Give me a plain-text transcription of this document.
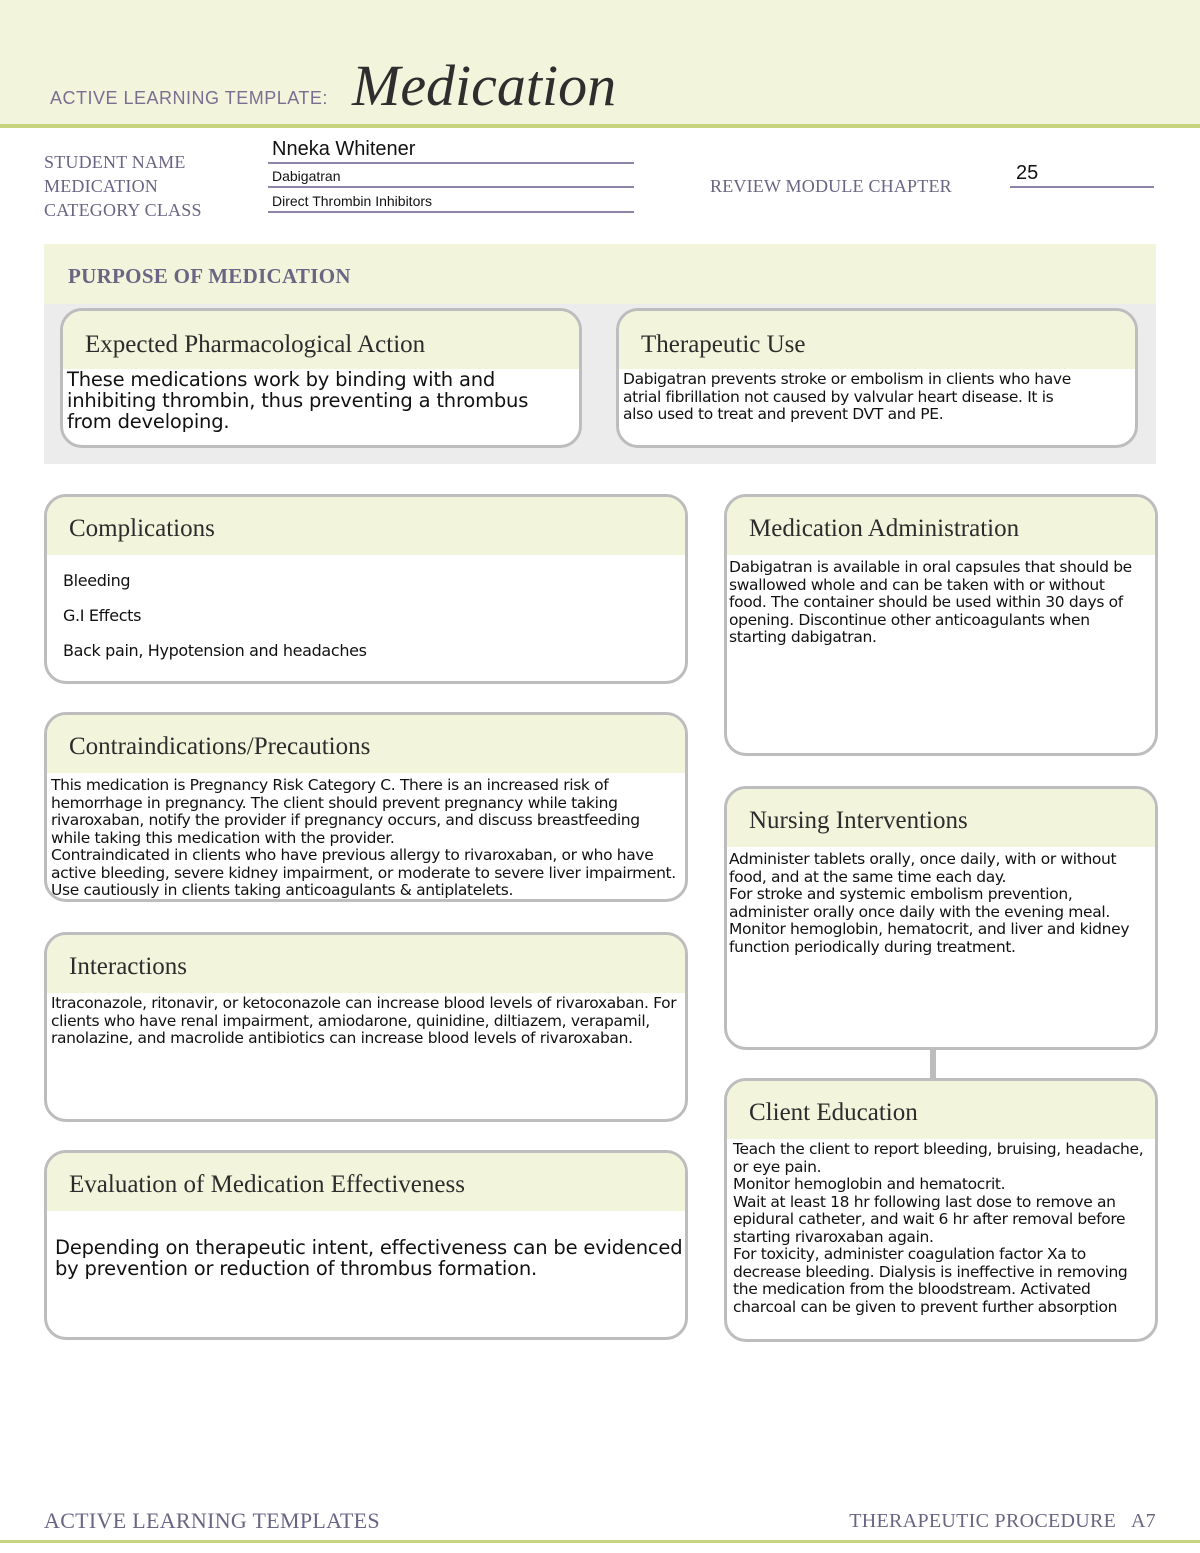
ACTIVE LEARNING TEMPLATE: Medication
STUDENT NAME
MEDICATION
CATEGORY CLASS
Nneka Whitener
Dabigatran
Direct Thrombin Inhibitors
REVIEW MODULE CHAPTER
25
PURPOSE OF MEDICATION
Expected Pharmacological Action
These medications work by binding with and inhibiting thrombin, thus preventing a thrombus from developing.
Therapeutic Use
Dabigatran prevents stroke or embolism in clients who have atrial fibrillation not caused by valvular heart disease. It is also used to treat and prevent DVT and PE.
Complications

Bleeding

G.I Effects

Back pain, Hypotension and headaches

Contraindications/Precautions
This medication is Pregnancy Risk Category C. There is an increased risk of hemorrhage in pregnancy. The client should prevent pregnancy while taking rivaroxaban, notify the provider if pregnancy occurs, and discuss breastfeeding while taking this medication with the provider.
Contraindicated in clients who have previous allergy to rivaroxaban, or who have active bleeding, severe kidney impairment, or moderate to severe liver impairment. Use cautiously in clients taking anticoagulants & antiplatelets.
Interactions
Itraconazole, ritonavir, or ketoconazole can increase blood levels of rivaroxaban. For clients who have renal impairment, amiodarone, quinidine, diltiazem, verapamil, ranolazine, and macrolide antibiotics can increase blood levels of rivaroxaban.
Evaluation of Medication Effectiveness
Depending on therapeutic intent, effectiveness can be evidenced by prevention or reduction of thrombus formation.
Medication Administration
Dabigatran is available in oral capsules that should be swallowed whole and can be taken with or without food. The container should be used within 30 days of opening. Discontinue other anticoagulants when starting dabigatran.
Nursing Interventions
Administer tablets orally, once daily, with or without food, and at the same time each day.
For stroke and systemic embolism prevention, administer orally once daily with the evening meal.
Monitor hemoglobin, hematocrit, and liver and kidney function periodically during treatment.
Client Education
Teach the client to report bleeding, bruising, headache, or eye pain.
Monitor hemoglobin and hematocrit.
Wait at least 18 hr following last dose to remove an epidural catheter, and wait 6 hr after removal before starting rivaroxaban again.
For toxicity, administer coagulation factor Xa to decrease bleeding. Dialysis is ineffective in removing the medication from the bloodstream. Activated charcoal can be given to prevent further absorption
ACTIVE LEARNING TEMPLATES	THERAPEUTIC PROCEDURE   A7
